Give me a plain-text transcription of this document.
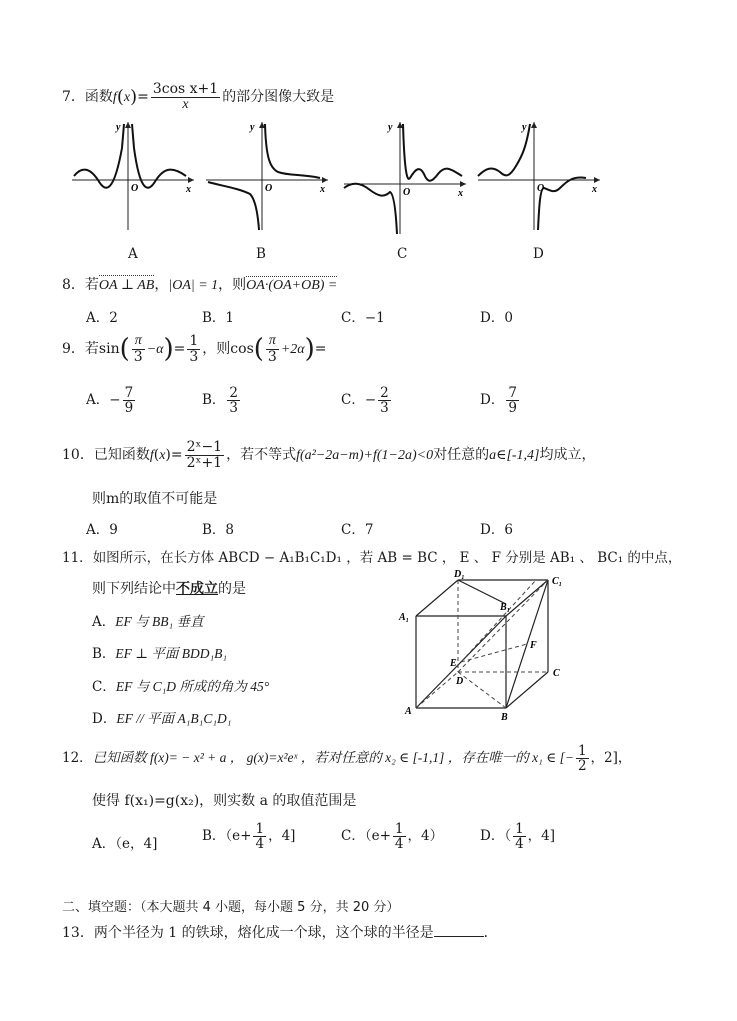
7．函数$f(x)= \frac{\text{3cos x+1}}{x}$ 的部分图像大致是
y
x
O
A
y
x
O
B
y
x
O
C
y
x
O
D
8．若OA ⊥ AB，|OA| = 1，则OA·(OA+OB) =
A．2	B．1	C．−1	D．0
9．若$\sin( \frac{\pi}{3} -\alpha)= \frac{1}{3}$ ，则$\cos( \frac{\pi}{3} +2\alpha)=$
A．− $\frac{7}{9}$	B． $\frac{2}{3}$	C．− $\frac{2}{3}$	D． $\frac{7}{9}$
10．已知函数$f(x)= \frac{\text{2ˣ−1}}{\text{2ˣ+1}}$ ，若不等式f(a²−2a−m)+f(1−2a)<0对任意的a∈[-1,4]均成立，
则m的取值不可能是
A．9	B．8	C．7	D．6
11．如图所示，在长方体 ABCD − A₁B₁C₁D₁ ，若 AB = BC ， E 、 F 分别是 AB₁ 、 BC₁ 的中点，
则下列结论中不成立的是
A．EF 与 BB₁ 垂直
B．EF ⊥ 平面 BDD₁B₁
C．EF 与 C₁D 所成的角为 45°
D．EF // 平面 A₁B₁C₁D₁
D₁
C₁
A₁
B₁
F
E
D
C
A
B
12．已知函数 f(x)= − x² + a ， g(x)=x²eˣ ，若对任意的 x₂ ∈ [-1,1] ，存在唯一的 x₁ ∈ [− $\frac{1}{2}$ ，2]，
使得 f(x₁)=g(x₂)，则实数 a 的取值范围是
A．（e，4]	B．（$e+ \frac{1}{4}$ ，4]	C．（$e+ \frac{1}{4}$ ，4）	D．（ $\frac{1}{4}$ ，4]
二、填空题：（本大题共 4 小题，每小题 5 分，共 20 分）
13．两个半径为 1 的铁球，熔化成一个球，这个球的半径是	．
